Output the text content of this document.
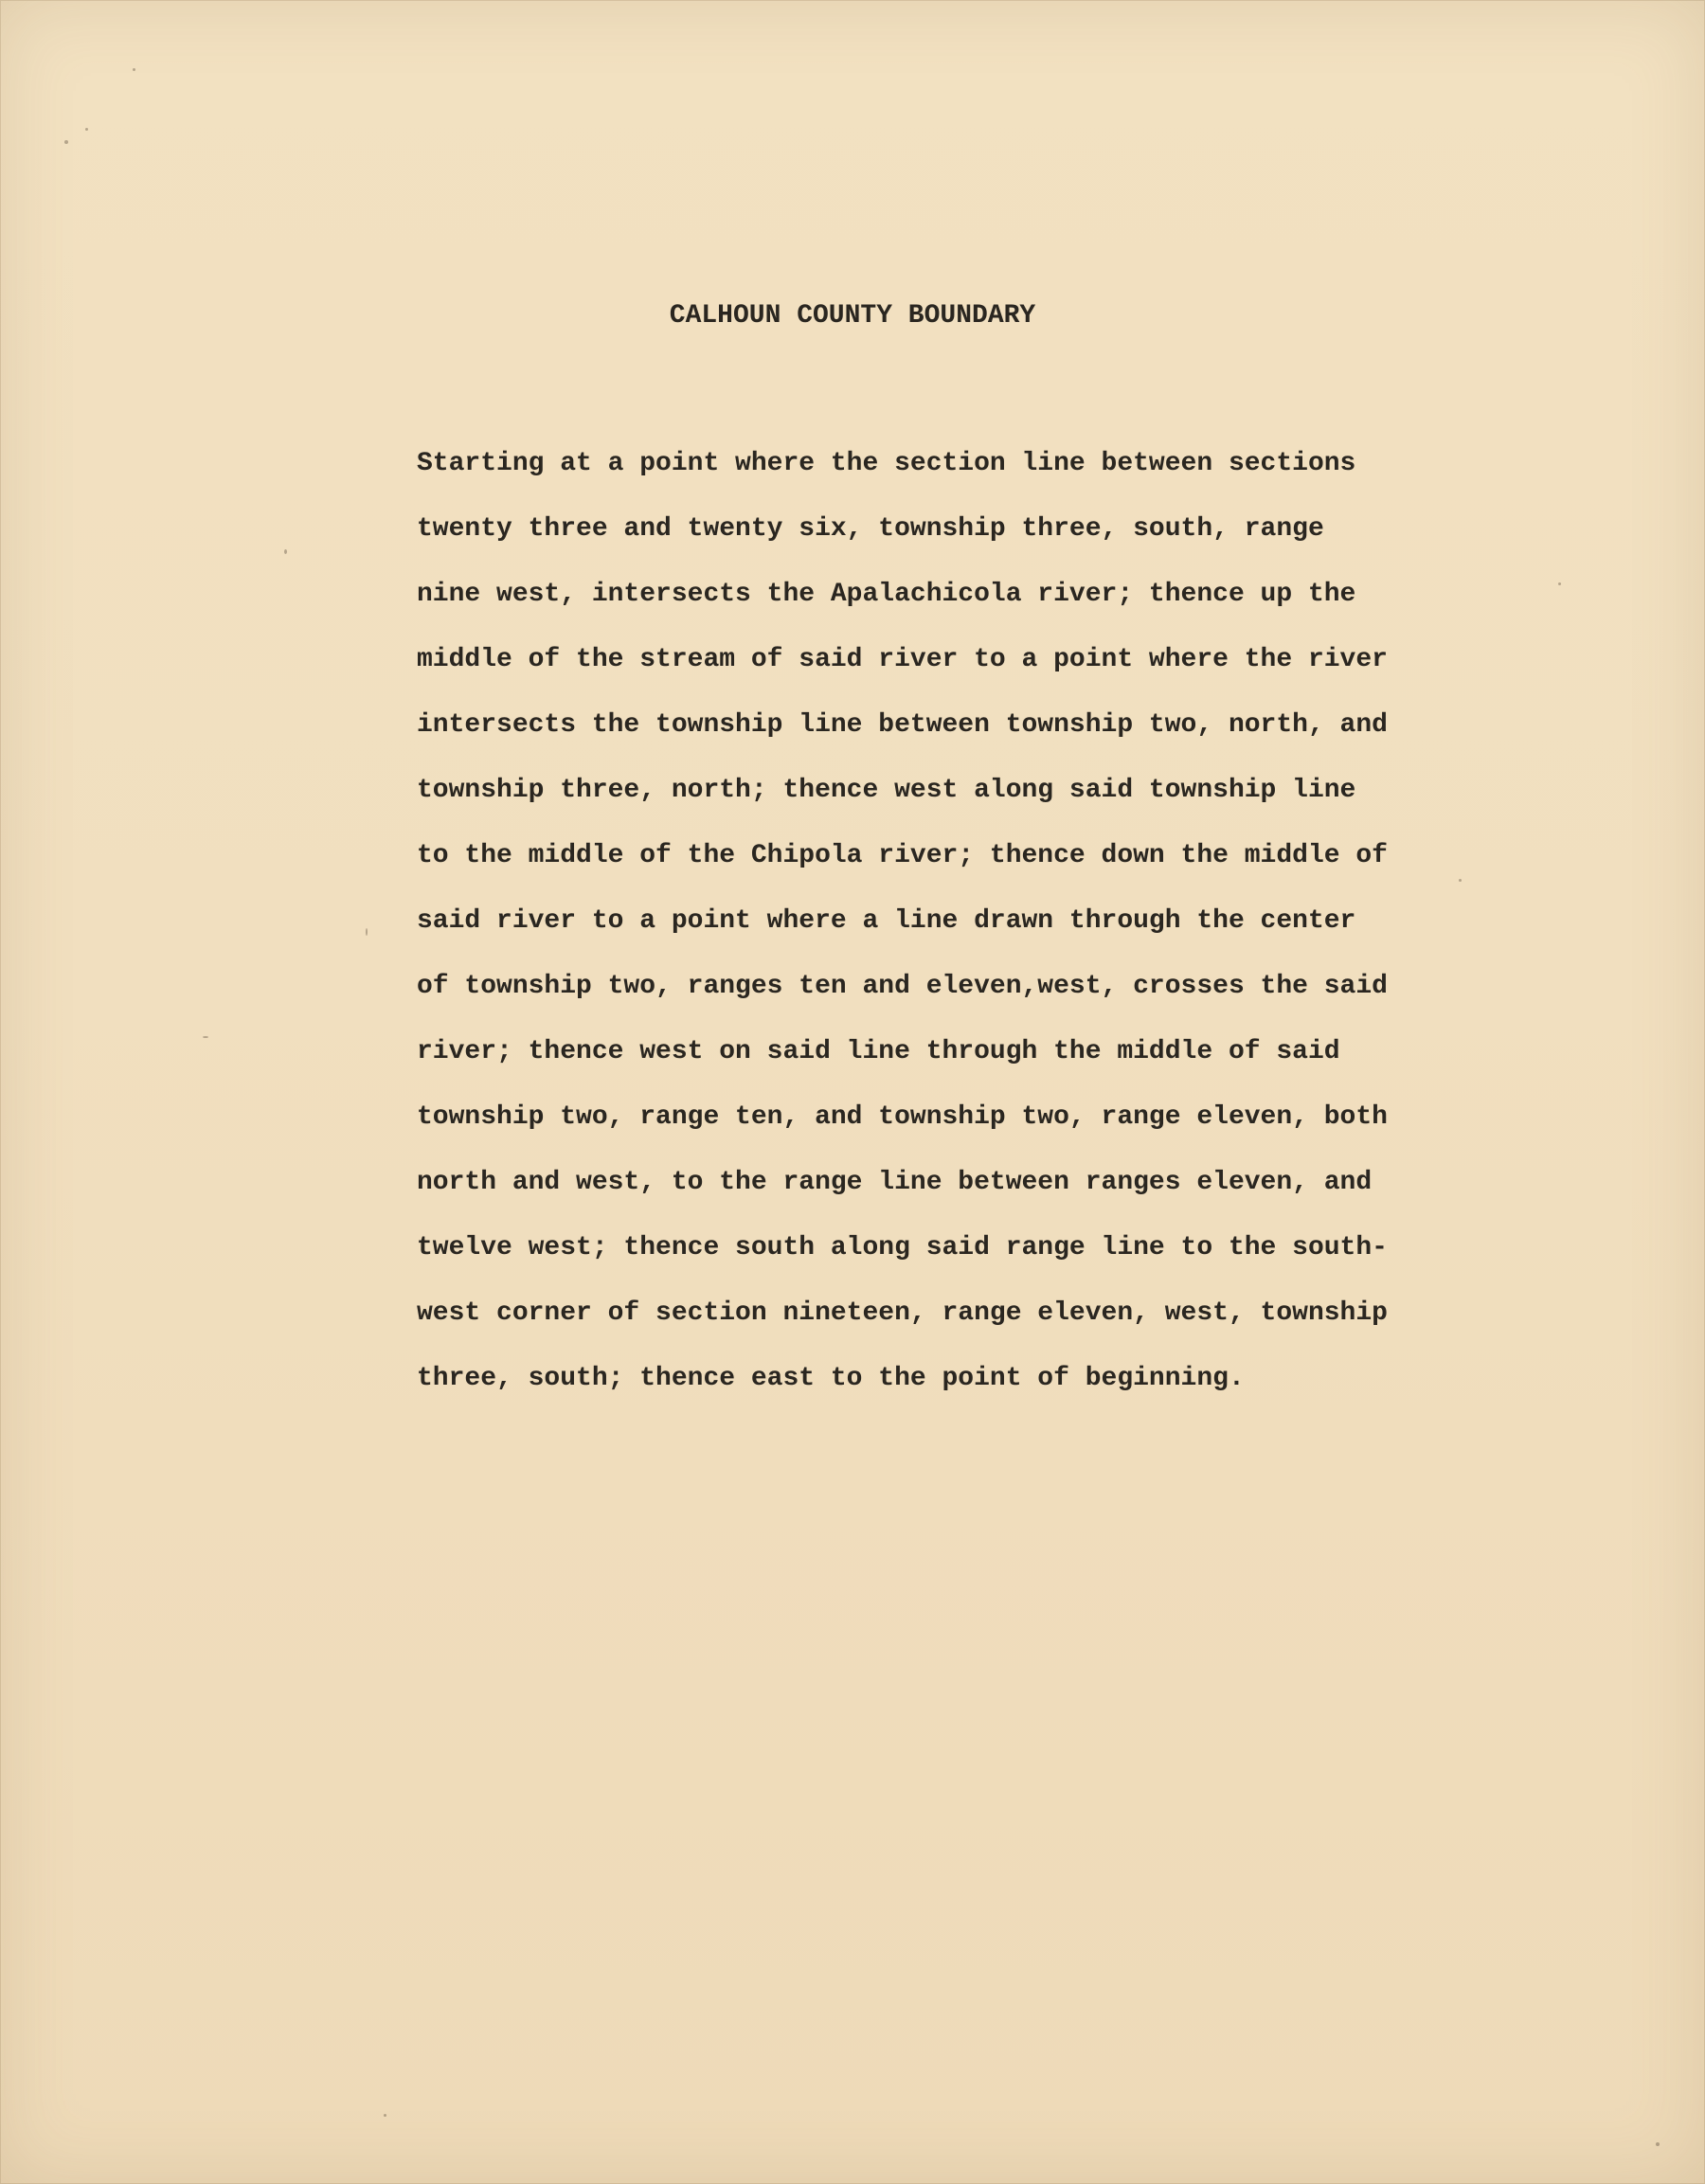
CALHOUN COUNTY BOUNDARY
Starting at a point where the section line between sections
twenty three and twenty six, township three, south, range
nine west, intersects the Apalachicola river; thence up the
middle of the stream of said river to a point where the river
intersects the township line between township two, north, and
township three, north; thence west along said township line
to the middle of the Chipola river; thence down the middle of
said river to a point where a line drawn through the center
of township two, ranges ten and eleven,west, crosses the said
river; thence west on said line through the middle of said
township two, range ten, and township two, range eleven, both
north and west, to the range line between ranges eleven, and
twelve west; thence south along said range line to the south-
west corner of section nineteen, range eleven, west, township
three, south; thence east to the point of beginning.
